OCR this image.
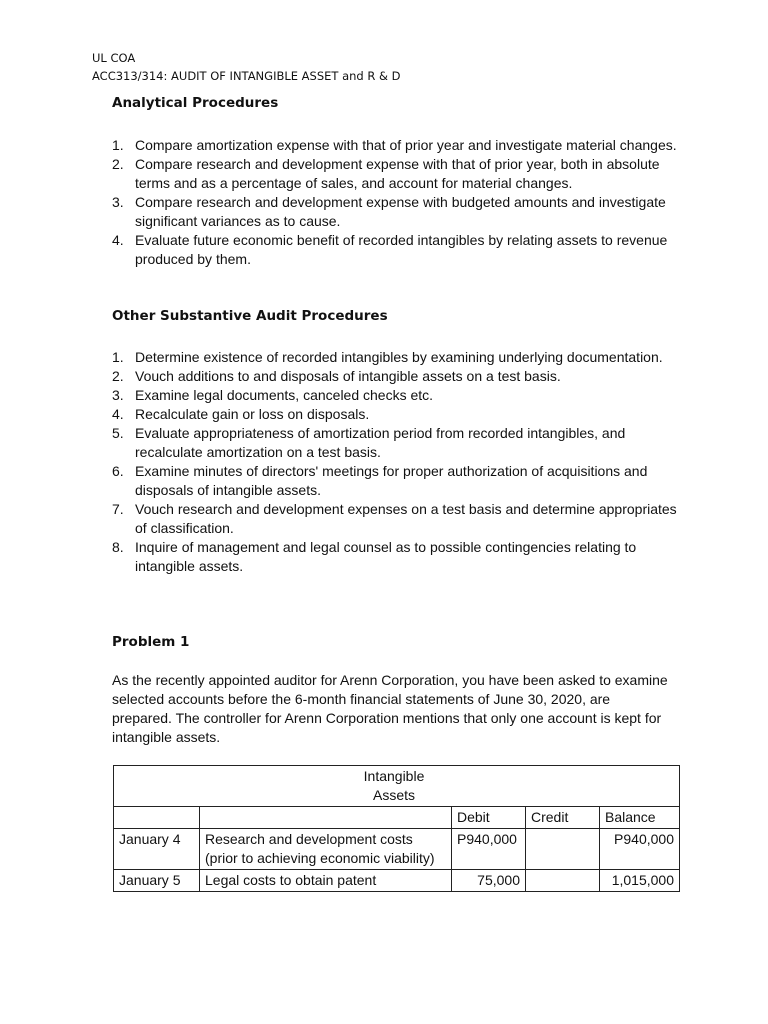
UL COA
ACC313/314: AUDIT OF INTANGIBLE ASSET and R & D
Analytical Procedures
1. Compare amortization expense with that of prior year and investigate material changes.
2. Compare research and development expense with that of prior year, both in absolute terms and as a percentage of sales, and account for material changes.
3. Compare research and development expense with budgeted amounts and investigate significant variances as to cause.
4. Evaluate future economic benefit of recorded intangibles by relating assets to revenue produced by them.
Other Substantive Audit Procedures
1. Determine existence of recorded intangibles by examining underlying documentation.
2. Vouch additions to and disposals of intangible assets on a test basis.
3. Examine legal documents, canceled checks etc.
4. Recalculate gain or loss on disposals.
5. Evaluate appropriateness of amortization period from recorded intangibles, and recalculate amortization on a test basis.
6. Examine minutes of directors' meetings for proper authorization of acquisitions and disposals of intangible assets.
7. Vouch research and development expenses on a test basis and determine appropriates of classification.
8. Inquire of management and legal counsel as to possible contingencies relating to intangible assets.
Problem 1
As the recently appointed auditor for Arenn Corporation, you have been asked to examine selected accounts before the 6-month financial statements of June 30, 2020, are prepared. The controller for Arenn Corporation mentions that only one account is kept for intangible assets.
Intangible
Assets				

		Debit	Credit	Balance
January 4	Research and development costs (prior to achieving economic viability)	P940,000		P940,000
January 5	Legal costs to obtain patent	75,000		1,015,000
